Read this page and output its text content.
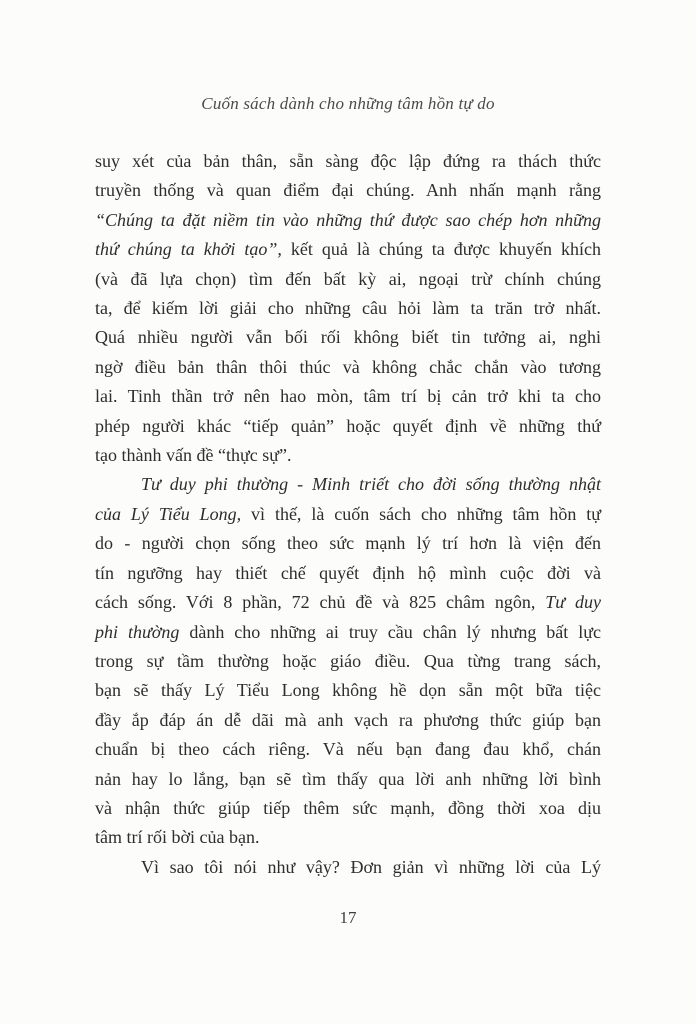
Cuốn sách dành cho những tâm hồn tự do
suy xét của bản thân, sẵn sàng độc lập đứng ra thách thức
truyền thống và quan điểm đại chúng. Anh nhấn mạnh rằng
“Chúng ta đặt niềm tin vào những thứ được sao chép hơn những
thứ chúng ta khởi tạo”, kết quả là chúng ta được khuyến khích
(và đã lựa chọn) tìm đến bất kỳ ai, ngoại trừ chính chúng
ta, để kiếm lời giải cho những câu hỏi làm ta trăn trở nhất.
Quá nhiều người vẫn bối rối không biết tin tưởng ai, nghi
ngờ điều bản thân thôi thúc và không chắc chắn vào tương
lai. Tinh thần trở nên hao mòn, tâm trí bị cản trở khi ta cho
phép người khác “tiếp quản” hoặc quyết định về những thứ
tạo thành vấn đề “thực sự”.
Tư duy phi thường - Minh triết cho đời sống thường nhật
của Lý Tiểu Long, vì thế, là cuốn sách cho những tâm hồn tự
do - người chọn sống theo sức mạnh lý trí hơn là viện đến
tín ngưỡng hay thiết chế quyết định hộ mình cuộc đời và
cách sống. Với 8 phần, 72 chủ đề và 825 châm ngôn, Tư duy
phi thường dành cho những ai truy cầu chân lý nhưng bất lực
trong sự tầm thường hoặc giáo điều. Qua từng trang sách,
bạn sẽ thấy Lý Tiểu Long không hề dọn sẵn một bữa tiệc
đầy ắp đáp án dễ dãi mà anh vạch ra phương thức giúp bạn
chuẩn bị theo cách riêng. Và nếu bạn đang đau khổ, chán
nản hay lo lắng, bạn sẽ tìm thấy qua lời anh những lời bình
và nhận thức giúp tiếp thêm sức mạnh, đồng thời xoa dịu
tâm trí rối bời của bạn.
Vì sao tôi nói như vậy? Đơn giản vì những lời của Lý
17
